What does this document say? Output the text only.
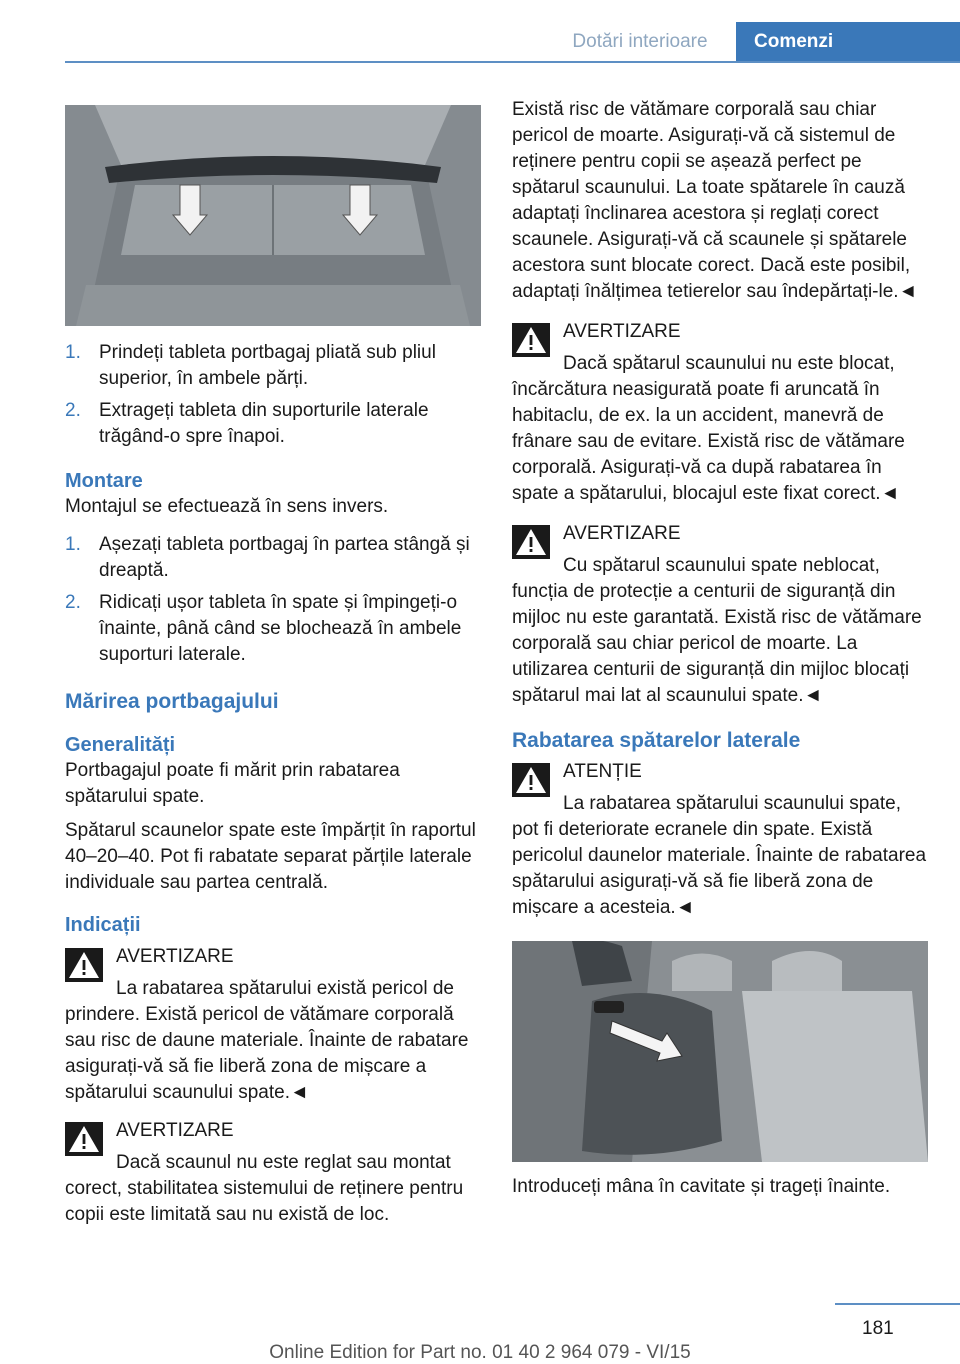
Dotări interioare	Comenzi
1. Prindeți tableta portbagaj pliată sub pliul superior, în ambele părți.
2. Extrageți tableta din suporturile laterale trăgând-o spre înapoi.
Montare

Montajul se efectuează în sens invers.

1. Așezați tableta portbagaj în partea stângă și dreaptă.
2. Ridicați ușor tableta în spate și împingeți-o înainte, până când se blochează în ambele suporturi laterale.
Mărirea portbagajului
Generalități

Portbagajul poate fi mărit prin rabatarea spătarului spate.

Spătarul scaunelor spate este împărțit în raportul 40–20–40. Pot fi rabatate separat părțile laterale individuale sau partea centrală.

Indicații
AVERTIZARE
La rabatarea spătarului există pericol de

prindere. Există pericol de vătămare corporală sau risc de daune materiale. Înainte de rabatare asigurați-vă să fie liberă zona de mișcare a spătarului scaunului spate.◄

AVERTIZARE
Dacă scaunul nu este reglat sau montat

corect, stabilitatea sistemului de reținere pentru copii este limitată sau nu există de loc.

Există risc de vătămare corporală sau chiar pericol de moarte. Asigurați-vă că sistemul de reținere pentru copii se așează perfect pe spătarul scaunului. La toate spătarele în cauză adaptați înclinarea acestora și reglați corect scaunele. Asigurați-vă că scaunele și spătarele acestora sunt blocate corect. Dacă este posibil, adaptați înălțimea tetierelor sau îndepărtați-le.◄

AVERTIZARE
Dacă spătarul scaunului nu este blocat,

încărcătura neasigurată poate fi aruncată în habitaclu, de ex. la un accident, manevră de frânare sau de evitare. Există risc de vătămare corporală. Asigurați-vă ca după rabatarea în spate a spătarului, blocajul este fixat corect.◄

AVERTIZARE
Cu spătarul scaunului spate neblocat,

funcția de protecție a centurii de siguranță din mijloc nu este garantată. Există risc de vătămare corporală sau chiar pericol de moarte. La utilizarea centurii de siguranță din mijloc blocați spătarul mai lat al scaunului spate.◄

Rabatarea spătarelor laterale
ATENȚIE
La rabatarea spătarului scaunului spate,

pot fi deteriorate ecranele din spate. Există pericolul daunelor materiale. Înainte de rabatarea spătarului asigurați-vă să fie liberă zona de mișcare a acesteia.◄

Introduceți mâna în cavitate și trageți înainte.

181
Online Edition for Part no. 01 40 2 964 079 - VI/15
